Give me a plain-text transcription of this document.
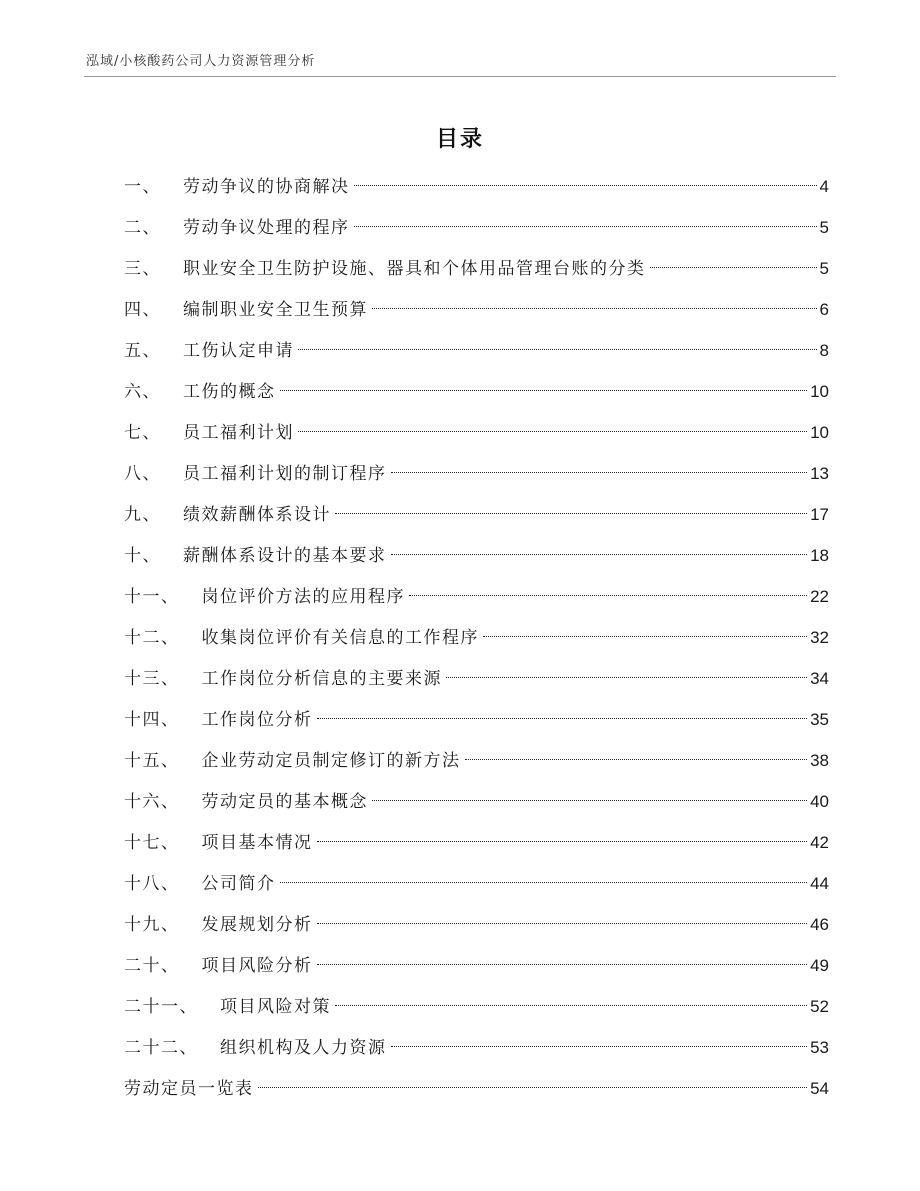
泓域/小核酸药公司人力资源管理分析
目录
一、 劳动争议的协商解决	4
二、 劳动争议处理的程序	5
三、 职业安全卫生防护设施、器具和个体用品管理台账的分类	5
四、 编制职业安全卫生预算	6
五、 工伤认定申请	8
六、 工伤的概念	10
七、 员工福利计划	10
八、 员工福利计划的制订程序	13
九、 绩效薪酬体系设计	17
十、 薪酬体系设计的基本要求	18
十一、 岗位评价方法的应用程序	22
十二、 收集岗位评价有关信息的工作程序	32
十三、 工作岗位分析信息的主要来源	34
十四、 工作岗位分析	35
十五、 企业劳动定员制定修订的新方法	38
十六、 劳动定员的基本概念	40
十七、 项目基本情况	42
十八、 公司简介	44
十九、 发展规划分析	46
二十、 项目风险分析	49
二十一、 项目风险对策	52
二十二、 组织机构及人力资源	53
劳动定员一览表	54
